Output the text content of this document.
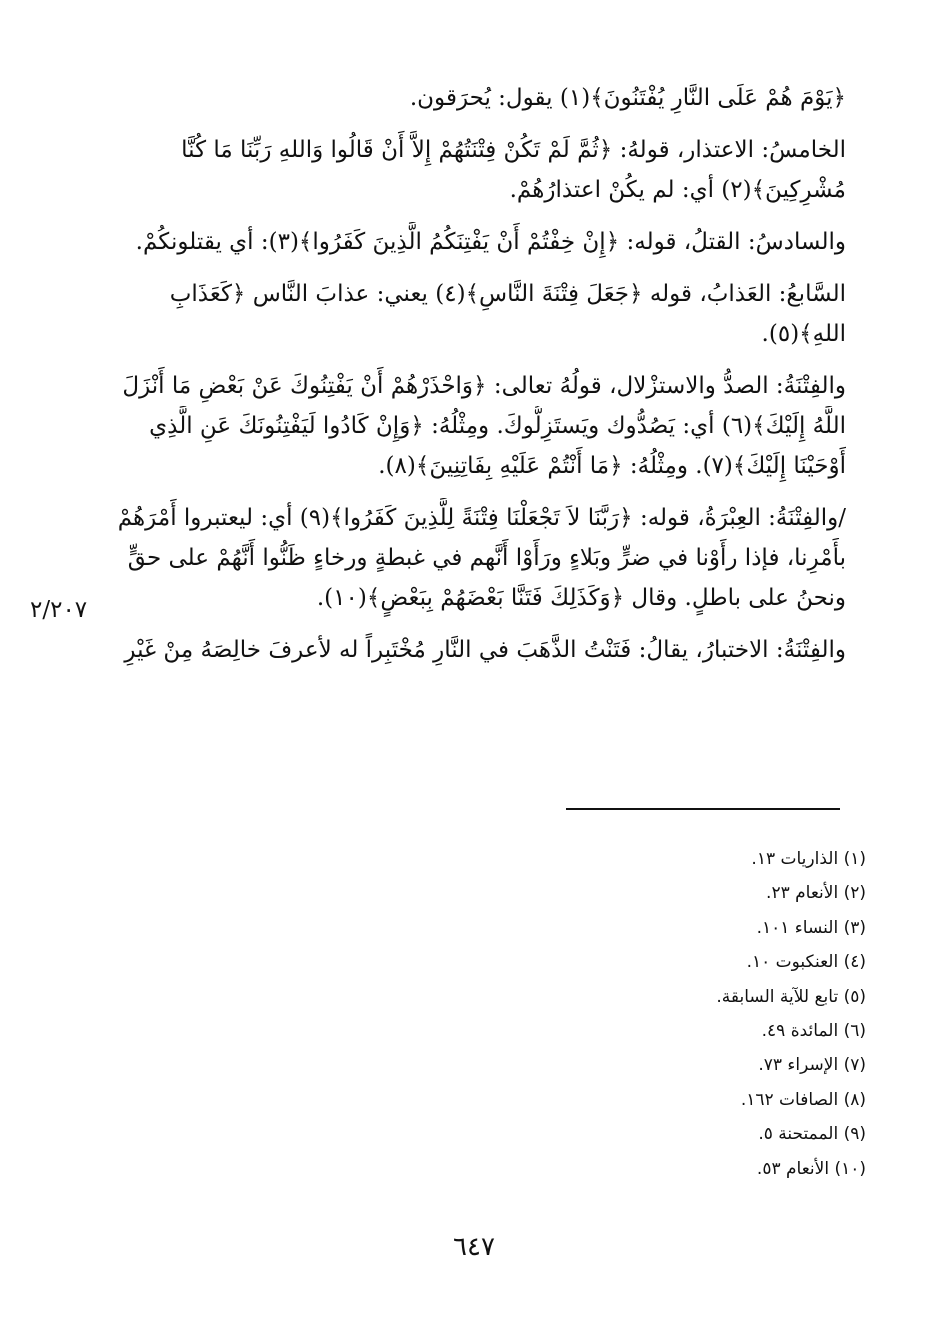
﴿يَوْمَ هُمْ عَلَى النَّارِ يُفْتَنُونَ﴾(١) يقول: يُحرَقون.

الخامسُ: الاعتذار، قولهُ: ﴿ثُمَّ لَمْ تَكُنْ فِتْنَتُهُمْ إِلاَّ أَنْ قَالُوا وَاللهِ رَبِّنَا مَا كُنَّا
مُشْرِكِينَ﴾(٢) أي: لم يكُنْ اعتذارُهُمْ.

والسادسُ: القتلُ، قوله: ﴿إِنْ خِفْتُمْ أَنْ يَفْتِنَكُمُ الَّذِينَ كَفَرُوا﴾(٣): أي يقتلونكُمْ.

السَّابعُ: العَذابُ، قوله ﴿جَعَلَ فِتْنَةَ النَّاسِ﴾(٤) يعني: عذابَ النَّاس ﴿كَعَذَابِ
اللهِ﴾(٥).

والفِتْنَةُ: الصدُّ والاستزْلال، قولُهُ تعالى: ﴿وَاحْذَرْهُمْ أَنْ يَفْتِنُوكَ عَنْ بَعْضِ مَا أَنْزَلَ
اللَّهُ إِلَيْكَ﴾(٦) أي: يَصُدُّوك ويَستَزِلُّوكَ. ومِثْلُهُ: ﴿وَإِنْ كَادُوا لَيَفْتِنُونَكَ عَنِ الَّذِي
أَوْحَيْنَا إِلَيْكَ﴾(٧). ومِثْلُهُ: ﴿مَا أَنْتُمْ عَلَيْهِ بِفَاتِنِينَ﴾(٨).

/والفِتْنَةُ: العِبْرَةُ، قوله: ﴿رَبَّنَا لاَ تَجْعَلْنَا فِتْنَةً لِلَّذِينَ كَفَرُوا﴾(٩) أي: ليعتبروا أَمْرَهُمْ
بأَمْرِنا، فإذا رأَوْنا في ضرٍّ وبَلاءٍ ورَأَوْا أَنَّهم في غبطةٍ ورخاءٍ ظَنُّوا أَنَّهُمْ على حقٍّ
ونحنُ على باطلٍ. وقال ﴿وَكَذَلِكَ فَتَنَّا بَعْضَهُمْ بِبَعْضٍ﴾(١٠).

والفِتْنَةُ: الاختبارُ، يقالُ: فَتَنْتُ الذَّهَبَ في النَّارِ مُخْتَبِراً له لأعرفَ خالِصَهُ مِنْ غَيْرِ

٢/٢٠٧
(١) الذاريات ١٣.
(٢) الأنعام ٢٣.
(٣) النساء ١٠١.
(٤) العنكبوت ١٠.
(٥) تابع للآية السابقة.
(٦) المائدة ٤٩.
(٧) الإسراء ٧٣.
(٨) الصافات ١٦٢.
(٩) الممتحنة ٥.
(١٠) الأنعام ٥٣.
٦٤٧
